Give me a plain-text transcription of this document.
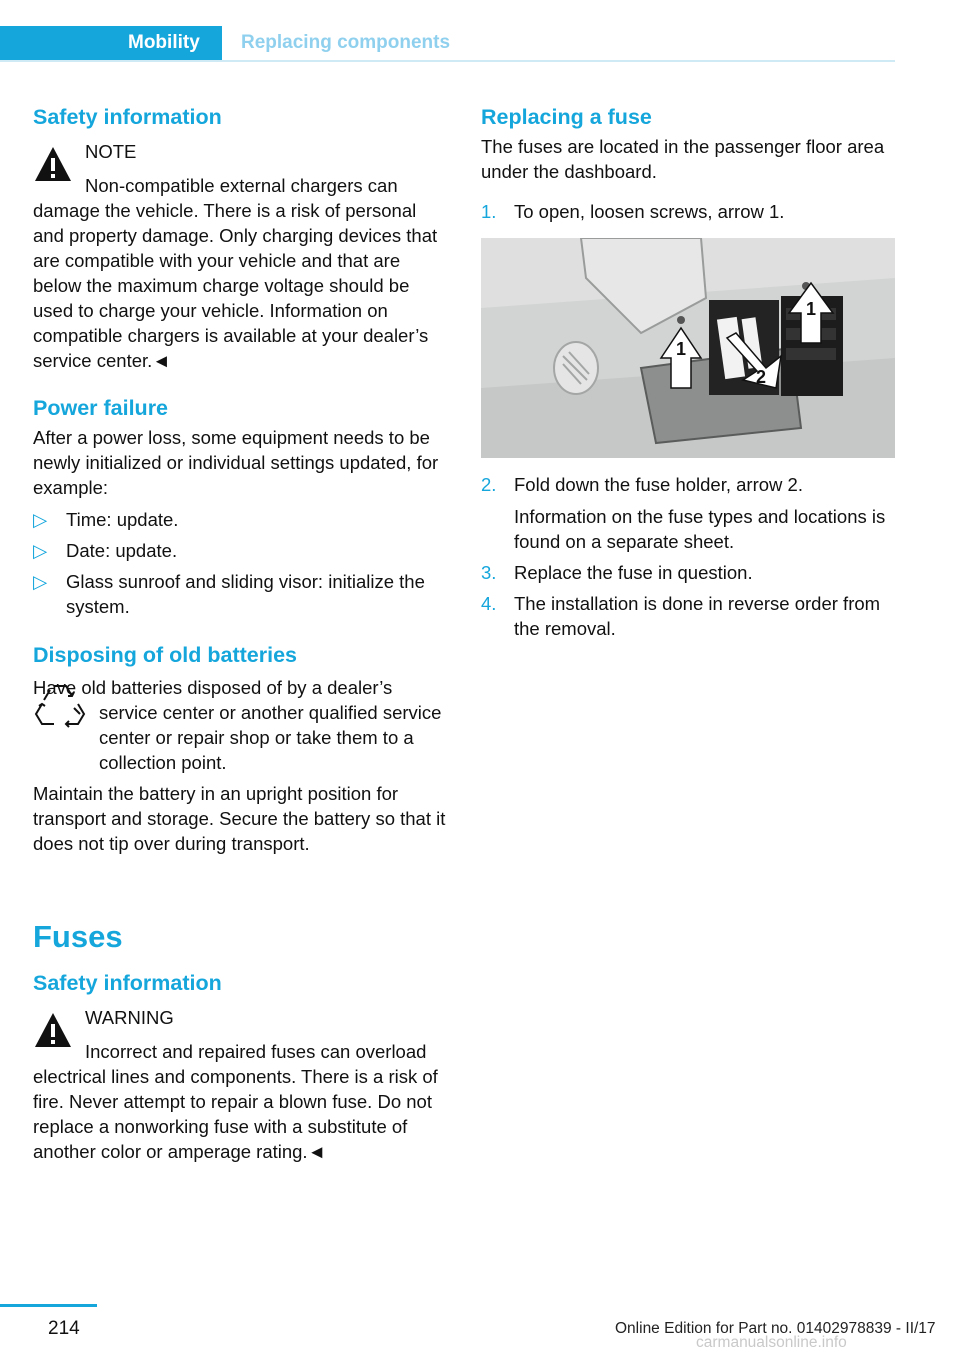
Mobility	Replacing components
Safety information

NOTE

Non-compatible external chargers can damage the vehicle. There is a risk of personal and property damage. Only charging devices that are compatible with your vehicle and that are below the maximum charge voltage should be used to charge your vehicle. Information on compatible chargers is available at your dealer’s service center.◄

Power failure

After a power loss, some equipment needs to be newly initialized or individual settings updated, for example:

▷ Time: update.
▷ Date: update.
▷ Glass sunroof and sliding visor: initialize the system.
Disposing of old batteries

Have old batteries disposed of by a dealer’s service center or another qualified service center or repair shop or take them to a collection point.

Maintain the battery in an upright position for transport and storage. Secure the battery so that it does not tip over during transport.

Fuses
Safety information

WARNING

Incorrect and repaired fuses can overload electrical lines and components. There is a risk of fire. Never attempt to repair a blown fuse. Do not replace a nonworking fuse with a substitute of another color or amperage rating.◄

Replacing a fuse

The fuses are located in the passenger floor area under the dashboard.

1. To open, loosen screws, arrow 1.
1
1
2
2. Fold down the fuse holder, arrow 2.
Information on the fuse types and locations is found on a separate sheet.
3. Replace the fuse in question.
4. The installation is done in reverse order from the removal.
214	Online Edition for Part no. 01402978839 - II/17
carmanualsonline.info
